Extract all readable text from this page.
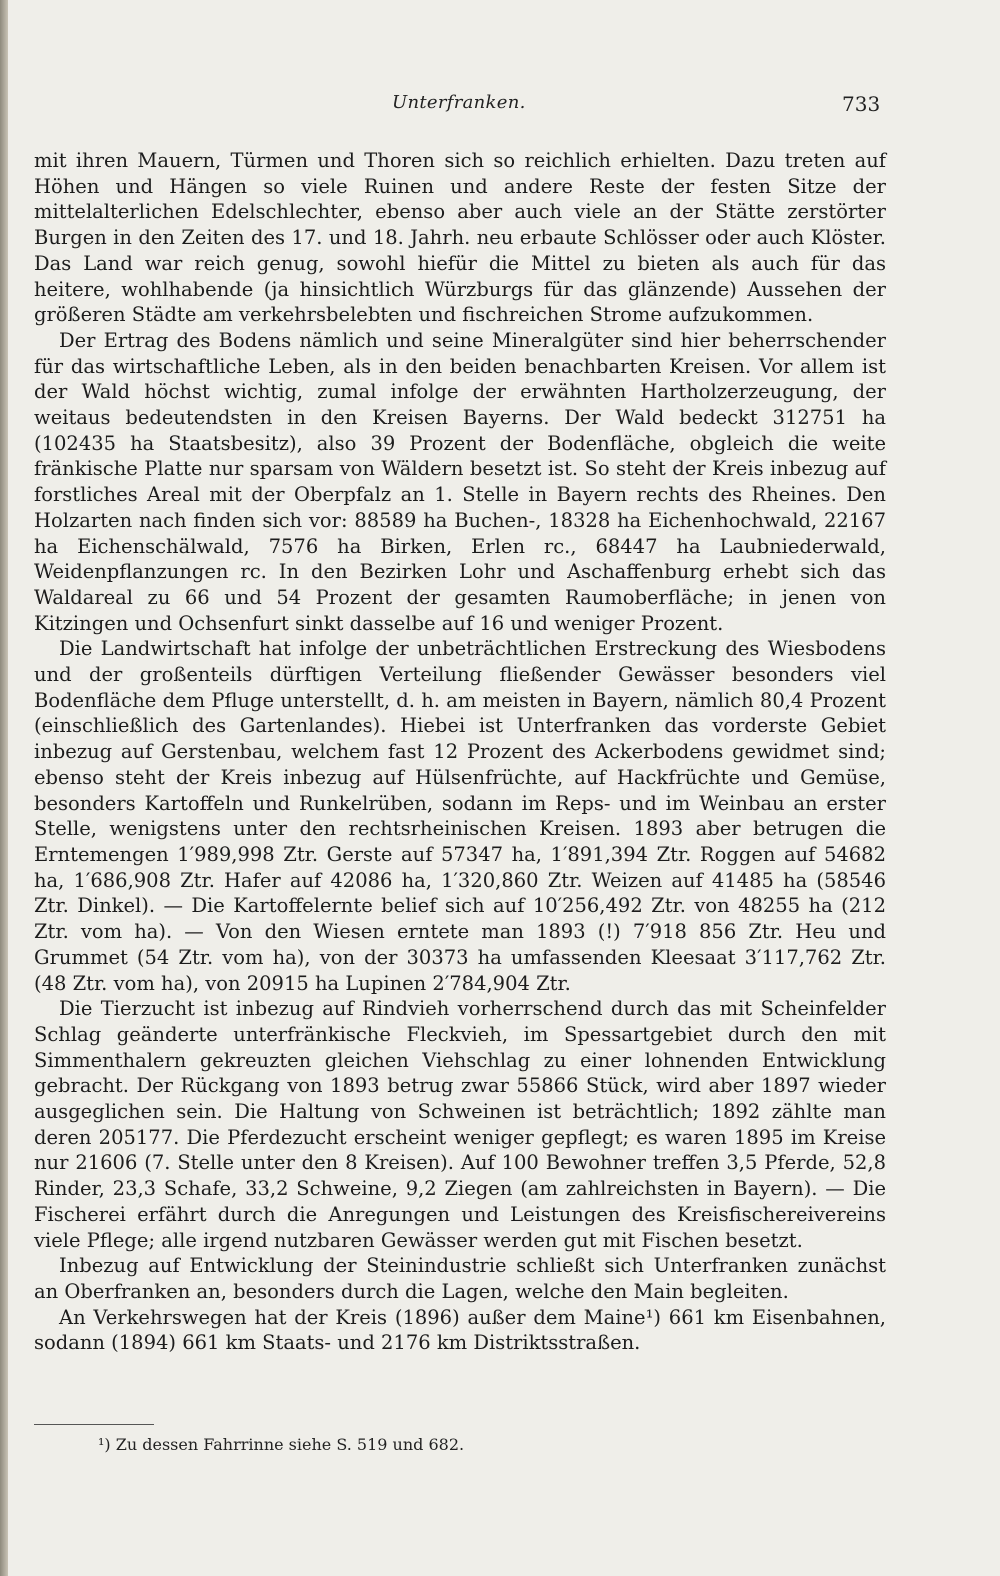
Unterfranken.	733

mit ihren Mauern, Türmen und Thoren sich so reichlich erhielten. Dazu treten auf Höhen und Hängen so viele Ruinen und andere Reste der festen Sitze der mittelalterlichen Edelschlechter, ebenso aber auch viele an der Stätte zerstörter Burgen in den Zeiten des 17. und 18. Jahrh. neu erbaute Schlösser oder auch Klöster. Das Land war reich genug, sowohl hiefür die Mittel zu bieten als auch für das heitere, wohlhabende (ja hinsichtlich Würzburgs für das glänzende) Aussehen der größeren Städte am verkehrsbelebten und fischreichen Strome aufzukommen.

Der Ertrag des Bodens nämlich und seine Mineralgüter sind hier beherrschender für das wirtschaftliche Leben, als in den beiden benachbarten Kreisen. Vor allem ist der Wald höchst wichtig, zumal infolge der erwähnten Hartholzerzeugung, der weitaus bedeutendsten in den Kreisen Bayerns. Der Wald bedeckt 312751 ha (102435 ha Staatsbesitz), also 39 Prozent der Bodenfläche, obgleich die weite fränkische Platte nur sparsam von Wäldern besetzt ist. So steht der Kreis inbezug auf forstliches Areal mit der Oberpfalz an 1. Stelle in Bayern rechts des Rheines. Den Holzarten nach finden sich vor: 88589 ha Buchen-, 18328 ha Eichenhochwald, 22167 ha Eichenschälwald, 7576 ha Birken, Erlen rc., 68447 ha Laubniederwald, Weidenpflanzungen rc. In den Bezirken Lohr und Aschaffenburg erhebt sich das Waldareal zu 66 und 54 Prozent der gesamten Raumoberfläche; in jenen von Kitzingen und Ochsenfurt sinkt dasselbe auf 16 und weniger Prozent.

Die Landwirtschaft hat infolge der unbeträchtlichen Erstreckung des Wiesbodens und der großenteils dürftigen Verteilung fließender Gewässer besonders viel Bodenfläche dem Pfluge unterstellt, d. h. am meisten in Bayern, nämlich 80,4 Prozent (einschließlich des Gartenlandes). Hiebei ist Unterfranken das vorderste Gebiet inbezug auf Gerstenbau, welchem fast 12 Prozent des Ackerbodens gewidmet sind; ebenso steht der Kreis inbezug auf Hülsenfrüchte, auf Hackfrüchte und Gemüse, besonders Kartoffeln und Runkelrüben, sodann im Reps- und im Weinbau an erster Stelle, wenigstens unter den rechtsrheinischen Kreisen. 1893 aber betrugen die Erntemengen 1′989,998 Ztr. Gerste auf 57347 ha, 1′891,394 Ztr. Roggen auf 54682 ha, 1′686,908 Ztr. Hafer auf 42086 ha, 1′320,860 Ztr. Weizen auf 41485 ha (58546 Ztr. Dinkel). — Die Kartoffelernte belief sich auf 10′256,492 Ztr. von 48255 ha (212 Ztr. vom ha). — Von den Wiesen erntete man 1893 (!) 7′918 856 Ztr. Heu und Grummet (54 Ztr. vom ha), von der 30373 ha umfassenden Kleesaat 3′117,762 Ztr. (48 Ztr. vom ha), von 20915 ha Lupinen 2′784,904 Ztr.

Die Tierzucht ist inbezug auf Rindvieh vorherrschend durch das mit Scheinfelder Schlag geänderte unterfränkische Fleckvieh, im Spessartgebiet durch den mit Simmenthalern gekreuzten gleichen Viehschlag zu einer lohnenden Entwicklung gebracht. Der Rückgang von 1893 betrug zwar 55866 Stück, wird aber 1897 wieder ausgeglichen sein. Die Haltung von Schweinen ist beträchtlich; 1892 zählte man deren 205177. Die Pferdezucht erscheint weniger gepflegt; es waren 1895 im Kreise nur 21606 (7. Stelle unter den 8 Kreisen). Auf 100 Bewohner treffen 3,5 Pferde, 52,8 Rinder, 23,3 Schafe, 33,2 Schweine, 9,2 Ziegen (am zahlreichsten in Bayern). — Die Fischerei erfährt durch die Anregungen und Leistungen des Kreisfischereivereins viele Pflege; alle irgend nutzbaren Gewässer werden gut mit Fischen besetzt.

Inbezug auf Entwicklung der Steinindustrie schließt sich Unterfranken zunächst an Oberfranken an, besonders durch die Lagen, welche den Main begleiten.

An Verkehrswegen hat der Kreis (1896) außer dem Maine¹) 661 km Eisenbahnen, sodann (1894) 661 km Staats- und 2176 km Distriktsstraßen.

¹) Zu dessen Fahrrinne siehe S. 519 und 682.
